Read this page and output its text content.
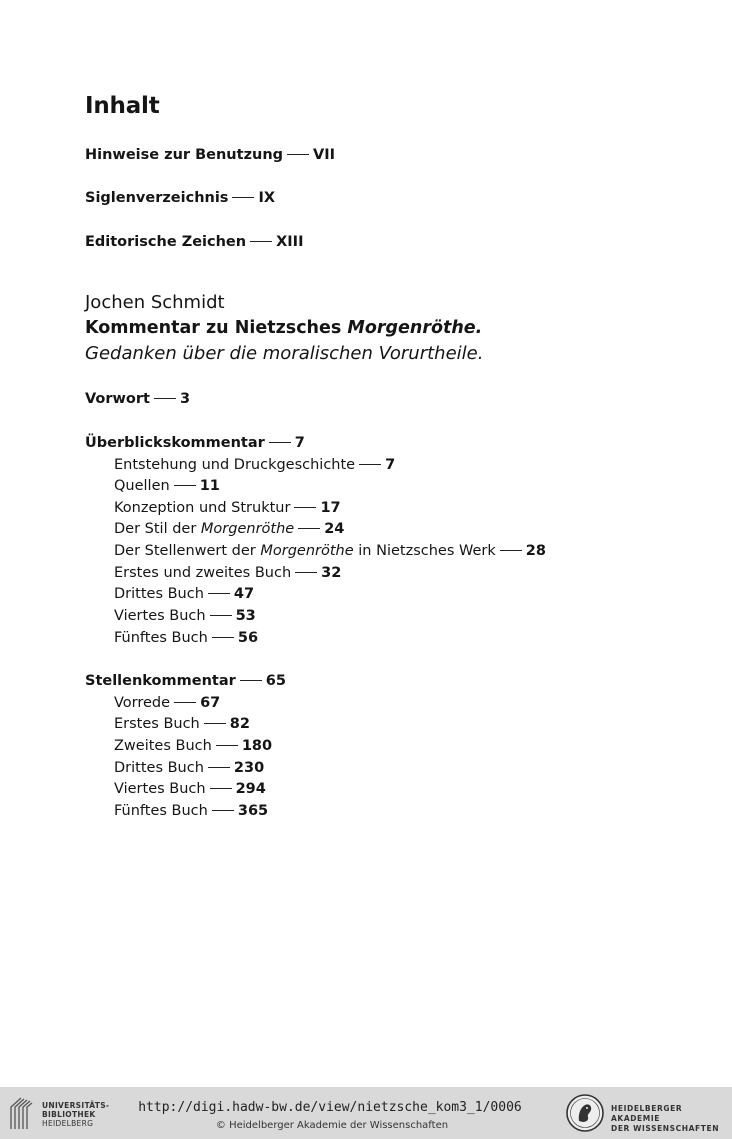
Inhalt
Hinweise zur Benutzung VII
Siglenverzeichnis IX
Editorische Zeichen XIII
Jochen Schmidt
Kommentar zu Nietzsches Morgenröthe.
Gedanken über die moralischen Vorurtheile.
Vorwort 3
Überblickskommentar 7
Entstehung und Druckgeschichte 7
Quellen 11
Konzeption und Struktur 17
Der Stil der Morgenröthe 24
Der Stellenwert der Morgenröthe in Nietzsches Werk 28
Erstes und zweites Buch 32
Drittes Buch 47
Viertes Buch 53
Fünftes Buch 56
Stellenkommentar 65
Vorrede 67
Erstes Buch 82
Zweites Buch 180
Drittes Buch 230
Viertes Buch 294
Fünftes Buch 365
UNIVERSITÄTS-
BIBLIOTHEK
HEIDELBERG
http://digi.hadw-bw.de/view/nietzsche_kom3_1/0006
© Heidelberger Akademie der Wissenschaften
HEIDELBERGER AKADEMIE
DER WISSENSCHAFTEN
